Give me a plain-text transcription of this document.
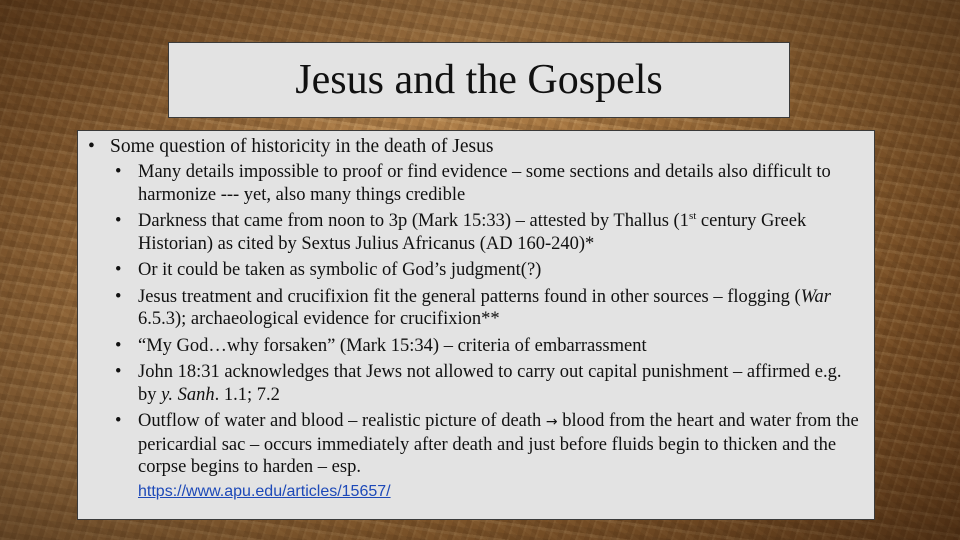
Jesus and the Gospels
• Some question of historicity in the death of Jesus
• Many details impossible to proof or find evidence – some sections and details also difficult to harmonize --- yet, also many things credible
• Darkness that came from noon to 3p (Mark 15:33) – attested by Thallus (1st century Greek Historian) as cited by Sextus Julius Africanus (AD 160-240)*
• Or it could be taken as symbolic of God’s judgment(?)
• Jesus treatment and crucifixion fit the general patterns found in other sources – flogging (War 6.5.3); archaeological evidence for crucifixion**
• “My God…why forsaken” (Mark 15:34) – criteria of embarrassment
• John 18:31 acknowledges that Jews not allowed to carry out capital punishment – affirmed e.g. by y. Sanh. 1.1; 7.2
• Outflow of water and blood – realistic picture of death → blood from the heart and water from the pericardial sac – occurs immediately after death and just before fluids begin to thicken and the corpse begins to harden – esp.
https://www.apu.edu/articles/15657/
